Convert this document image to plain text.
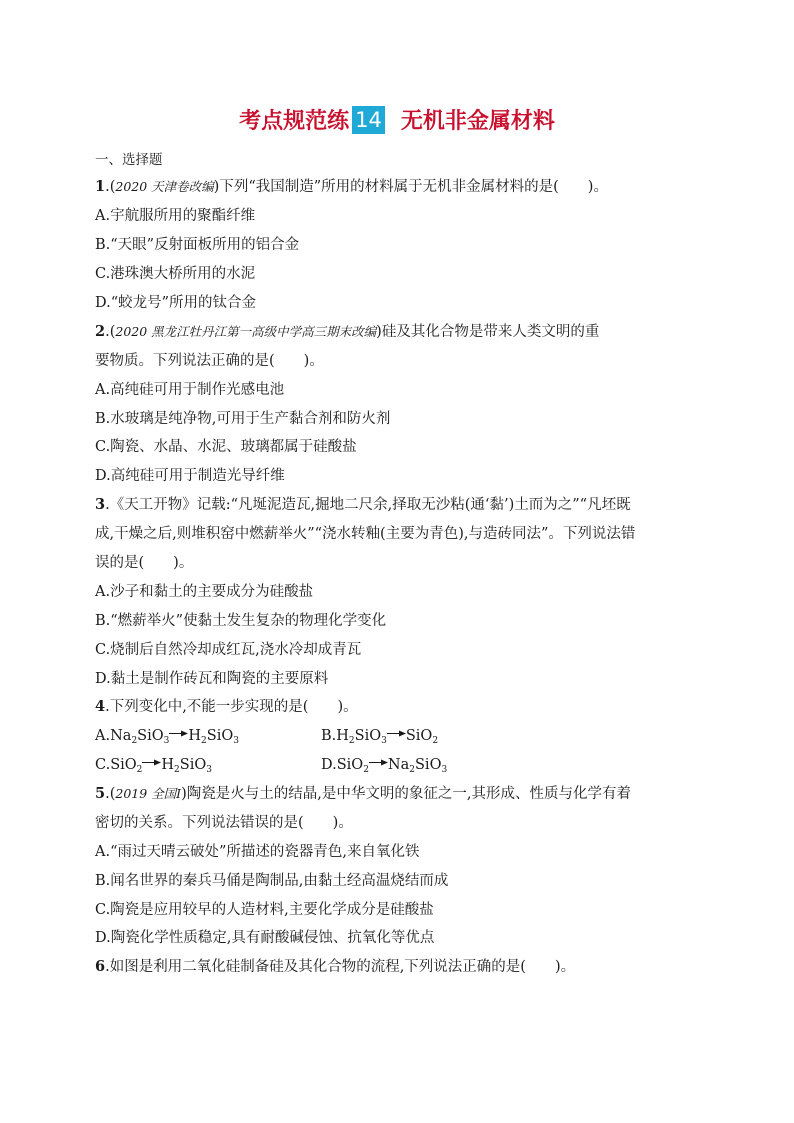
考点规范练 14 无机非金属材料
一、选择题
1.(2020 天津卷改编)下列“我国制造”所用的材料属于无机非金属材料的是(　　)。
A.宇航服所用的聚酯纤维
B.“天眼”反射面板所用的铝合金
C.港珠澳大桥所用的水泥
D.“蛟龙号”所用的钛合金
2.(2020 黑龙江牡丹江第一高级中学高三期末改编)硅及其化合物是带来人类文明的重
要物质。下列说法正确的是(　　)。
A.高纯硅可用于制作光感电池
B.水玻璃是纯净物,可用于生产黏合剂和防火剂
C.陶瓷、水晶、水泥、玻璃都属于硅酸盐
D.高纯硅可用于制造光导纤维
3.《天工开物》记载:“凡埏泥造瓦,掘地二尺余,择取无沙粘(通‘黏’)土而为之”“凡坯既
成,干燥之后,则堆积窑中燃薪举火”“浇水转釉(主要为青色),与造砖同法”。下列说法错
误的是(　　)。
A.沙子和黏土的主要成分为硅酸盐
B.“燃薪举火”使黏土发生复杂的物理化学变化
C.烧制后自然冷却成红瓦,浇水冷却成青瓦
D.黏土是制作砖瓦和陶瓷的主要原料
4.下列变化中,不能一步实现的是(　　)。
$A.Na_2SiO_3 \to H_2SiO_3$	$B.H_2SiO_3 \to SiO_2$
$C.SiO_2 \to H_2SiO_3$	$D.SiO_2 \to Na_2SiO_3$
5.(2019 全国Ⅰ)陶瓷是火与土的结晶,是中华文明的象征之一,其形成、性质与化学有着
密切的关系。下列说法错误的是(　　)。
A.“雨过天晴云破处”所描述的瓷器青色,来自氧化铁
B.闻名世界的秦兵马俑是陶制品,由黏土经高温烧结而成
C.陶瓷是应用较早的人造材料,主要化学成分是硅酸盐
D.陶瓷化学性质稳定,具有耐酸碱侵蚀、抗氧化等优点
6.如图是利用二氧化硅制备硅及其化合物的流程,下列说法正确的是(　　)。
